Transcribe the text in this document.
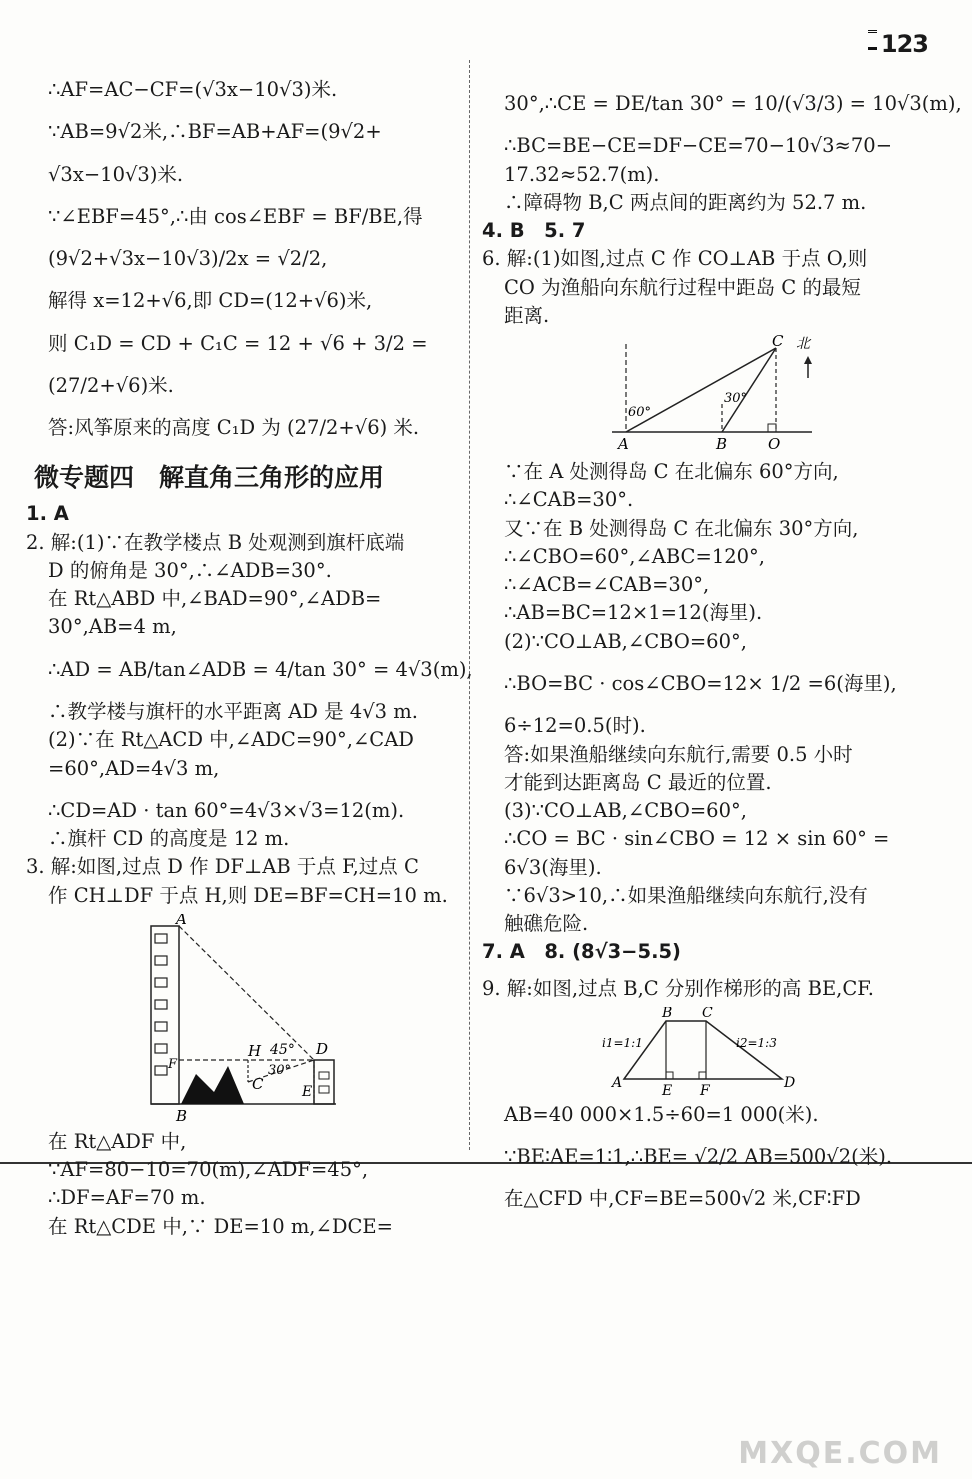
123

∴AF=AC−CF=(√3x−10√3)米.

∵AB=9√2米,∴BF=AB+AF=(9√2+

√3x−10√3)米.

∵∠EBF=45°,∴由 cos∠EBF = BF/BE,得

(9√2+√3x−10√3)/2x = √2/2,

解得 x=12+√6,即 CD=(12+√6)米,

则 C₁D = CD + C₁C = 12 + √6 + 3/2 =

(27/2+√6)米.

答:风筝原来的高度 C₁D 为 (27/2+√6) 米.

微专题四　解直角三角形的应用

1. A

2. 解:(1)∵在教学楼点 B 处观测到旗杆底端

D 的俯角是 30°,∴∠ADB=30°.

在 Rt△ABD 中,∠BAD=90°,∠ADB=

30°,AB=4 m,

∴AD = AB/tan∠ADB = 4/tan 30° = 4√3(m),

∴教学楼与旗杆的水平距离 AD 是 4√3 m.

(2)∵在 Rt△ACD 中,∠ADC=90°,∠CAD

=60°,AD=4√3 m,

∴CD=AD · tan 60°=4√3×√3=12(m).

∴旗杆 CD 的高度是 12 m.

3. 解:如图,过点 D 作 DF⊥AB 于点 F,过点 C

作 CH⊥DF 于点 H,则 DE=BF=CH=10 m.

A
F
H 45°
30°
D
C	E
B

在 Rt△ADF 中,

∵AF=80−10=70(m),∠ADF=45°,

∴DF=AF=70 m.

在 Rt△CDE 中,∵ DE=10 m,∠DCE=

30°,∴CE = DE/tan 30° = 10/(√3/3) = 10√3(m),

∴BC=BE−CE=DF−CE=70−10√3≈70−

17.32≈52.7(m).

∴障碍物 B,C 两点间的距离约为 52.7 m.

4. B　5. 7

6. 解:(1)如图,过点 C 作 CO⊥AB 于点 O,则

CO 为渔船向东航行过程中距岛 C 的最短

距离.

A	B	O
C 北
60°
30°

∵在 A 处测得岛 C 在北偏东 60°方向,

∴∠CAB=30°.

又∵在 B 处测得岛 C 在北偏东 30°方向,

∴∠CBO=60°,∠ABC=120°,

∴∠ACB=∠CAB=30°,

∴AB=BC=12×1=12(海里).

(2)∵CO⊥AB,∠CBO=60°,

∴BO=BC · cos∠CBO=12× 1/2 =6(海里),

6÷12=0.5(时).

答:如果渔船继续向东航行,需要 0.5 小时

才能到达距离岛 C 最近的位置.

(3)∵CO⊥AB,∠CBO=60°,

∴CO = BC · sin∠CBO = 12 × sin 60° =

6√3(海里).

∵6√3>10,∴如果渔船继续向东航行,没有

触礁危险.

7. A　8. (8√3−5.5)

9. 解:如图,过点 B,C 分别作梯形的高 BE,CF.

B C
A	E F	D
i1=1:1	i2=1:3

AB=40 000×1.5÷60=1 000(米).

∵BE∶AE=1∶1,∴BE= √2/2 AB=500√2(米).

在△CFD 中,CF=BE=500√2 米,CF∶FD

MXQE.COM
